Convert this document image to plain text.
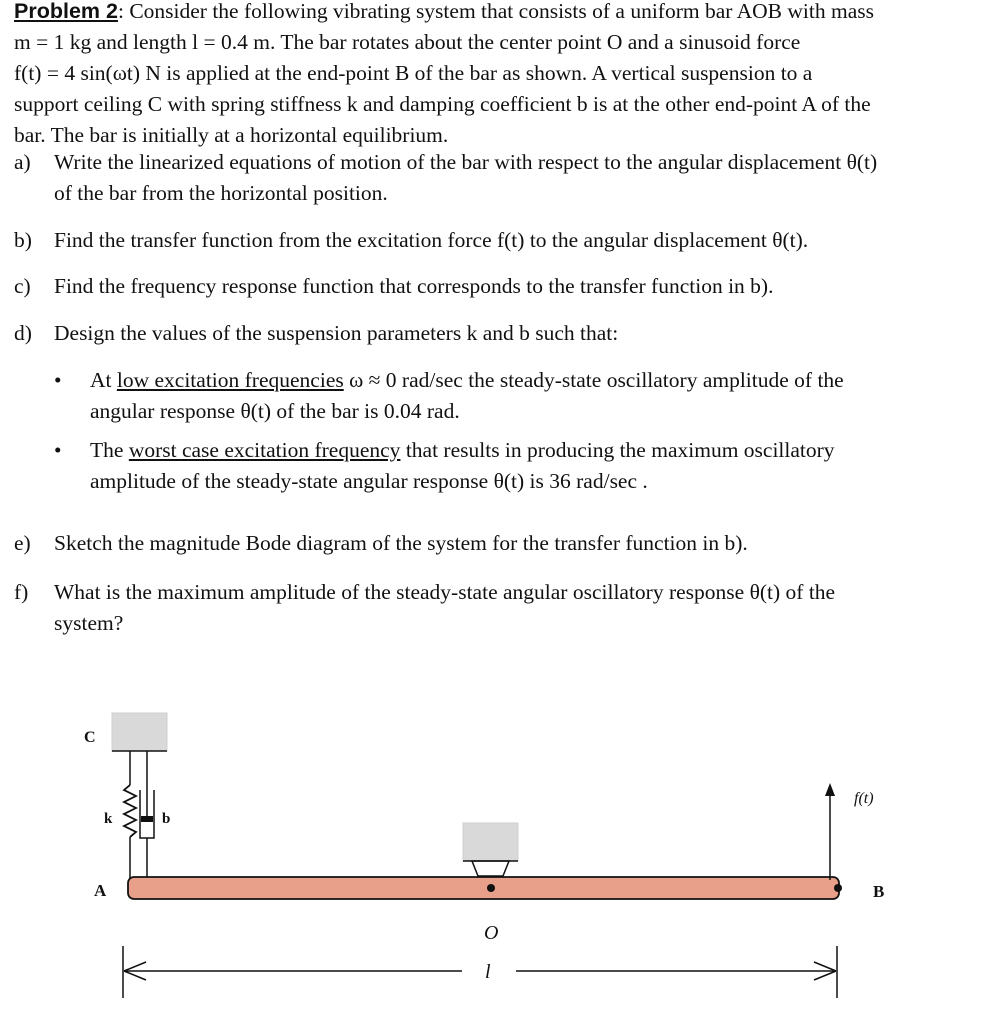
Problem 2: Consider the following vibrating system that consists of a uniform bar AOB with mass
m = 1 kg and length l = 0.4 m. The bar rotates about the center point O and a sinusoid force
f(t) = 4 sin(ωt) N is applied at the end-point B of the bar as shown. A vertical suspension to a
support ceiling C with spring stiffness k and damping coefficient b is at the other end-point A of the
bar. The bar is initially at a horizontal equilibrium.
a)	Write the linearized equations of motion of the bar with respect to the angular displacement θ(t)
of the bar from the horizontal position.
b)	Find the transfer function from the excitation force f(t) to the angular displacement θ(t).
c)	Find the frequency response function that corresponds to the transfer function in b).
d)	Design the values of the suspension parameters k and b such that:
• At low excitation frequencies ω ≈ 0 rad/sec the steady-state oscillatory amplitude of the
angular response θ(t) of the bar is 0.04 rad.
• The worst case excitation frequency that results in producing the maximum oscillatory
amplitude of the steady-state angular response θ(t) is 36 rad/sec .
e)	Sketch the magnitude Bode diagram of the system for the transfer function in b).
f)	What is the maximum amplitude of the steady-state angular oscillatory response θ(t) of the
system?
C
k	b
A	B
O
f(t)
l
